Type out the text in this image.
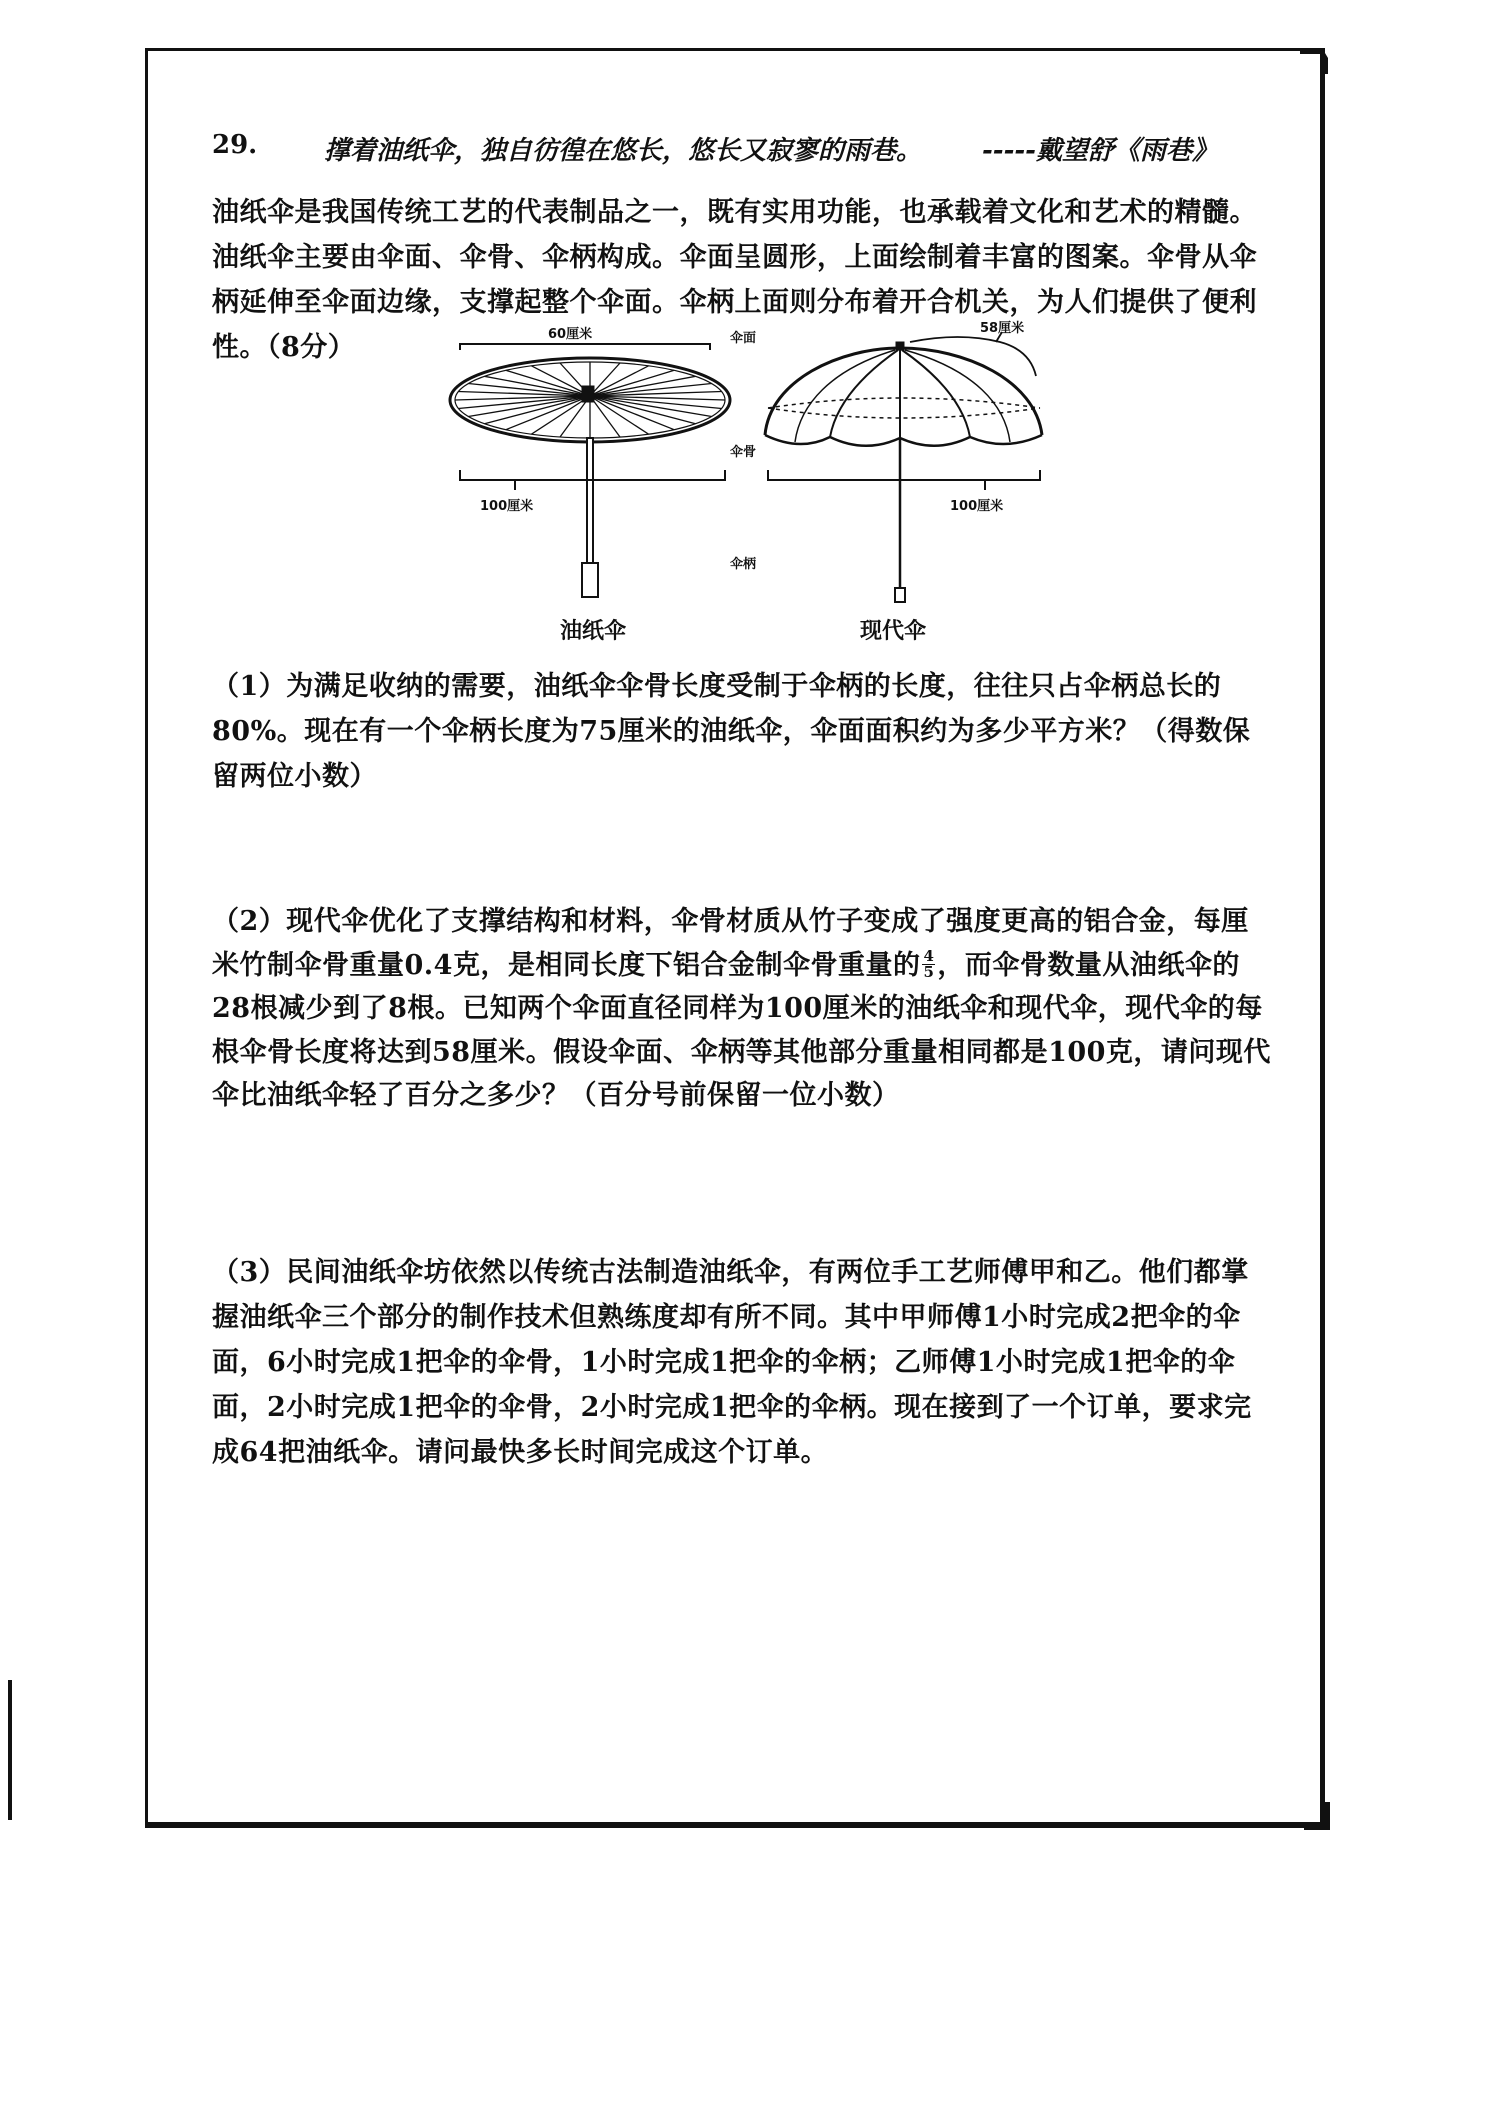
29.	撑着油纸伞，独自彷徨在悠长，悠长又寂寥的雨巷。 -----戴望舒《雨巷》
油纸伞是我国传统工艺的代表制品之一，既有实用功能，也承载着文化和艺术的精髓。油纸伞主要由伞面、伞骨、伞柄构成。伞面呈圆形，上面绘制着丰富的图案。伞骨从伞柄延伸至伞面边缘，支撑起整个伞面。伞柄上面则分布着开合机关，为人们提供了便利性。（8分）	60厘米
100厘米
油纸伞
伞面
伞骨
伞柄
58厘米
100厘米
现代伞
（1）为满足收纳的需要，油纸伞伞骨长度受制于伞柄的长度，往往只占伞柄总长的80%。现在有一个伞柄长度为75厘米的油纸伞，伞面面积约为多少平方米？（得数保留两位小数）
（2）现代伞优化了支撑结构和材料，伞骨材质从竹子变成了强度更高的铝合金，每厘米竹制伞骨重量0.4克，是相同长度下铝合金制伞骨重量的 $\frac{4}{5}$ ，而伞骨数量从油纸伞的28根减少到了8根。已知两个伞面直径同样为100厘米的油纸伞和现代伞，现代伞的每根伞骨长度将达到58厘米。假设伞面、伞柄等其他部分重量相同都是100克，请问现代伞比油纸伞轻了百分之多少？（百分号前保留一位小数）
（3）民间油纸伞坊依然以传统古法制造油纸伞，有两位手工艺师傅甲和乙。他们都掌握油纸伞三个部分的制作技术但熟练度却有所不同。其中甲师傅1小时完成2把伞的伞面，6小时完成1把伞的伞骨，1小时完成1把伞的伞柄；乙师傅1小时完成1把伞的伞面，2小时完成1把伞的伞骨，2小时完成1把伞的伞柄。现在接到了一个订单，要求完成64把油纸伞。请问最快多长时间完成这个订单。
